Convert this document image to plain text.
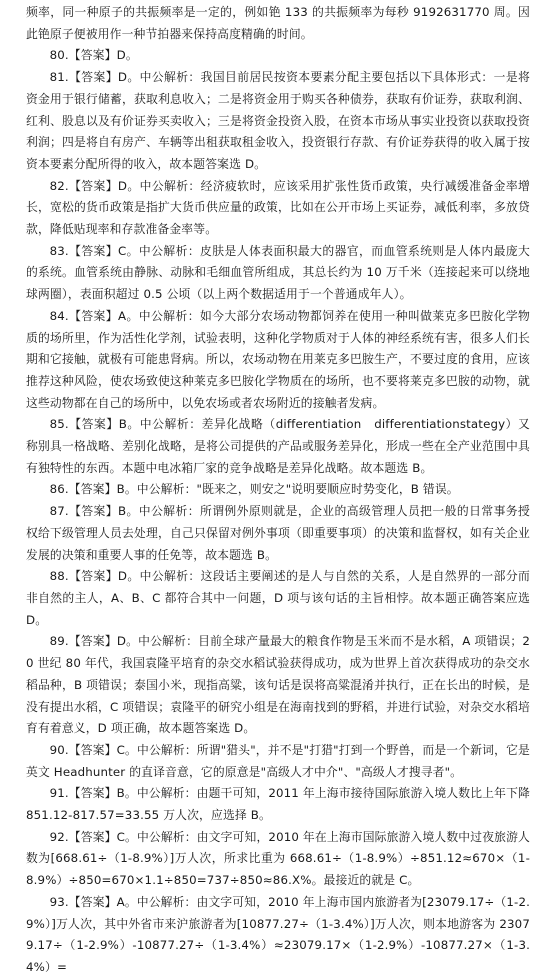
频率，同一种原子的共振频率是一定的，例如铯 133 的共振频率为每秒 9192631770 周。因此铯原子便被用作一种节拍器来保持高度精确的时间。

80.【答案】D。

81.【答案】D。中公解析：我国目前居民按资本要素分配主要包括以下具体形式：一是将资金用于银行储蓄，获取利息收入；二是将资金用于购买各种债券，获取有价证券，获取利润、红利、股息以及有价证券买卖收入；三是将资金投资入股，在资本市场从事实业投资以获取投资利润；四是将自有房产、车辆等出租获取租金收入，投资银行存款、有价证券获得的收入属于按资本要素分配所得的收入，故本题答案选 D。

82.【答案】D。中公解析：经济疲软时，应该采用扩张性货币政策，央行减缓准备金率增长，宽松的货币政策是指扩大货币供应量的政策，比如在公开市场上买证券，减低利率，多放贷款，降低贴现率和存款准备金率等。

83.【答案】C。中公解析：皮肤是人体表面积最大的器官，而血管系统则是人体内最庞大的系统。血管系统由静脉、动脉和毛细血管所组成，其总长约为 10 万千米（连接起来可以绕地球两圈），表面积超过 0.5 公顷（以上两个数据适用于一个普通成年人）。

84.【答案】A。中公解析：如今大部分农场动物都饲养在使用一种叫做莱克多巴胺化学物质的场所里，作为活性化学剂，试验表明，这种化学物质对于人体的神经系统有害，很多人们长期和它接触，就极有可能患肾病。所以，农场动物在用莱克多巴胺生产，不要过度的食用，应该推荐这种风险，使农场致使这种莱克多巴胺化学物质在的场所，也不要将莱克多巴胺的动物，就这些动物都在自己的场所中，以免农场或者农场附近的接触者发病。

85.【答案】B。中公解析：差异化战略（differentiation　differentiationstategy）又称别具一格战略、差别化战略，是将公司提供的产品或服务差异化，形成一些在全产业范围中具有独特性的东西。本题中电冰箱厂家的竞争战略是差异化战略。故本题选 B。

86.【答案】B。中公解析："既来之，则安之"说明要顺应时势变化，B 错误。

87.【答案】B。中公解析：所谓例外原则就是，企业的高级管理人员把一般的日常事务授权给下级管理人员去处理，自己只保留对例外事项（即重要事项）的决策和监督权，如有关企业发展的决策和重要人事的任免等，故本题选 B。

88.【答案】D。中公解析：这段话主要阐述的是人与自然的关系，人是自然界的一部分而非自然的主人，A、B、C 都符合其中一问题，D 项与该句话的主旨相悖。故本题正确答案应选 D。

89.【答案】D。中公解析：目前全球产量最大的粮食作物是玉米而不是水稻，A 项错误；20 世纪 80 年代，我国袁隆平培育的杂交水稻试验获得成功，成为世界上首次获得成功的杂交水稻品种，B 项错误；泰国小米，现指高粱，该句话是误将高粱混淆并执行，正在长出的时候，是没有提出水稻，C 项错误；袁隆平的研究小组是在海南找到的野稻，并进行试验，对杂交水稻培育有着意义，D 项正确，故本题答案选 D。

90.【答案】C。中公解析：所谓"猎头"，并不是"打猎"打到一个野兽，而是一个新词，它是英文 Headhunter 的直译音意，它的原意是"高级人才中介"、"高级人才搜寻者"。

91.【答案】B。中公解析：由题干可知，2011 年上海市接待国际旅游入境人数比上年下降 851.12-817.57=33.55 万人次，应选择 B。

92.【答案】C。中公解析：由文字可知，2010 年在上海市国际旅游入境人数中过夜旅游人数为[668.61÷（1-8.9%）]万人次，所求比重为 668.61÷（1-8.9%）÷851.12≈670×（1-8.9%）÷850=670×1.1÷850=737÷850≈86.X%。最接近的就是 C。

93.【答案】A。中公解析：由文字可知，2010 年上海市国内旅游者为[23079.17÷（1-2.9%）]万人次，其中外省市来沪旅游者为[10877.27÷（1-3.4%）]万人次，则本地游客为 23079.17÷（1-2.9%）-10877.27÷（1-3.4%）≈23079.17×（1-2.9%）-10877.27×（1-3.4%）=
